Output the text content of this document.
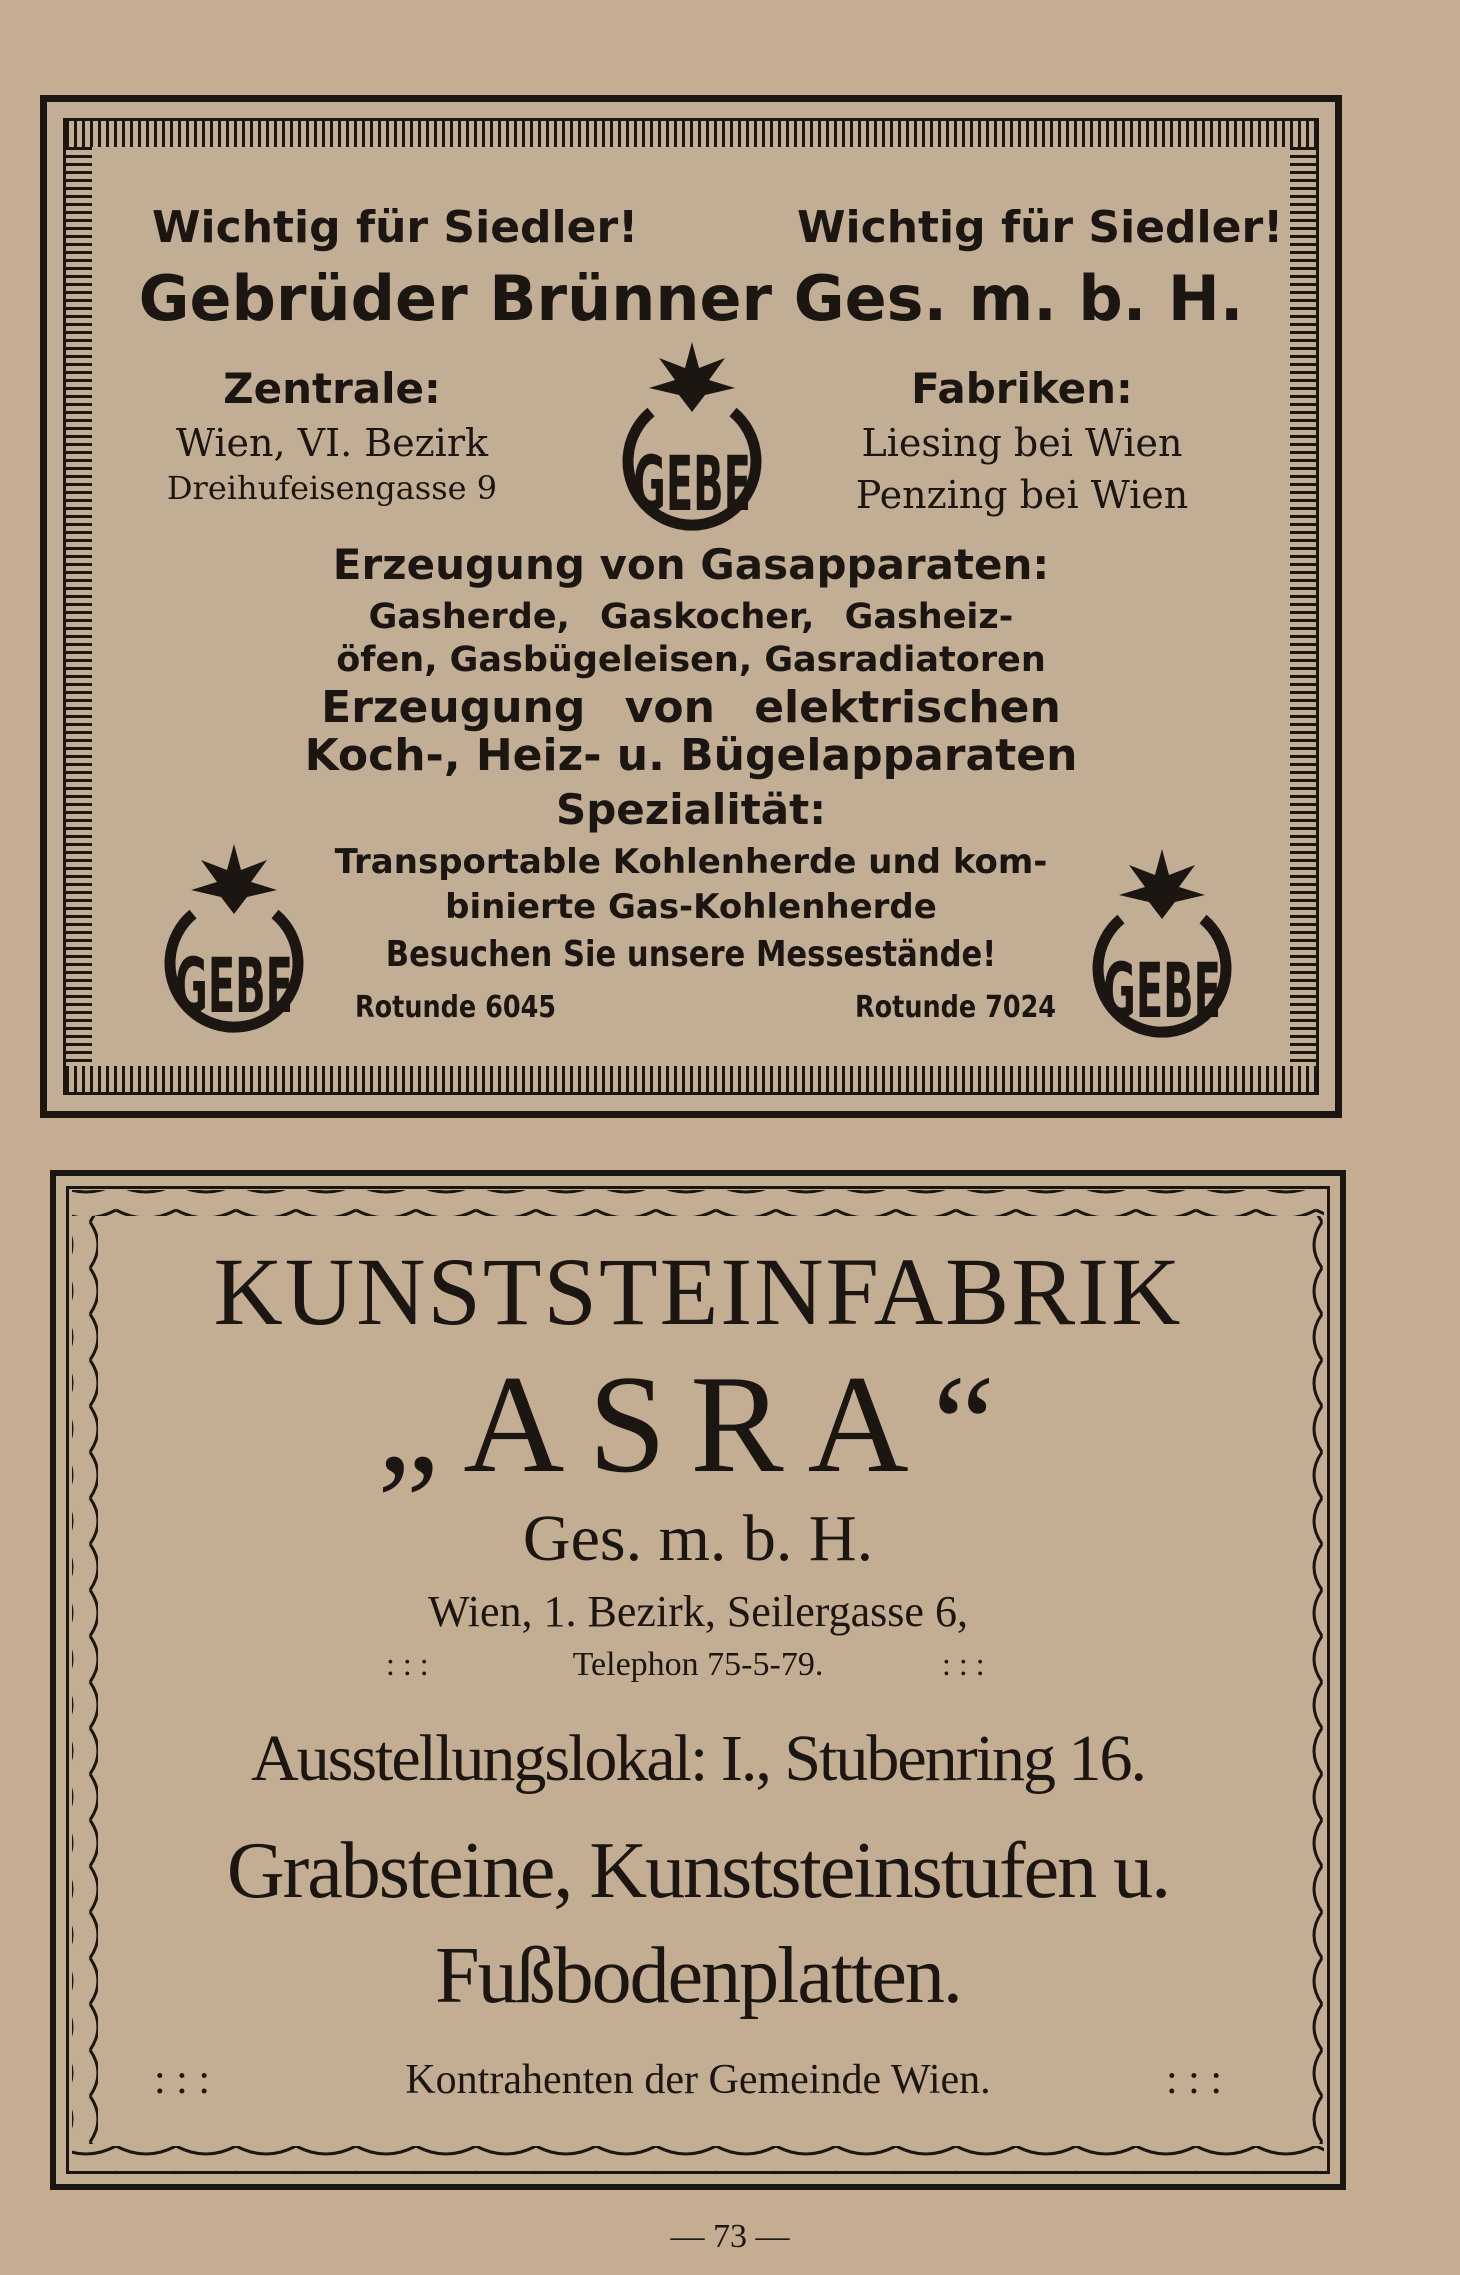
Wichtig für Siedler!	Wichtig für Siedler!
Gebrüder Brünner Ges. m. b. H.
Zentrale:
Wien, VI. Bezirk
Dreihufeisengasse 9
Fabriken:
Liesing bei Wien
Penzing bei Wien
GEBE
Erzeugung von Gasapparaten:
Gasherde, Gaskocher, Gasheiz-
öfen, Gasbügeleisen, Gasradiatoren
Erzeugung von elektrischen
Koch-, Heiz- u. Bügelapparaten
Spezialität:
Transportable Kohlenherde und kom-
binierte Gas-Kohlenherde
Besuchen Sie unsere Messestände!
Rotunde 6045	Rotunde 7024
GEBE	GEBE
KUNSTSTEINFABRIK
„ASRA“
Ges. m. b. H.
Wien, 1. Bezirk, Seilergasse 6,
: : :	Telephon 75-5-79.	: : :
Ausstellungslokal: I., Stubenring 16.
Grabsteine, Kunststeinstufen u.
Fußbodenplatten.
: : :	Kontrahenten der Gemeinde Wien.	: : :
— 73 —
